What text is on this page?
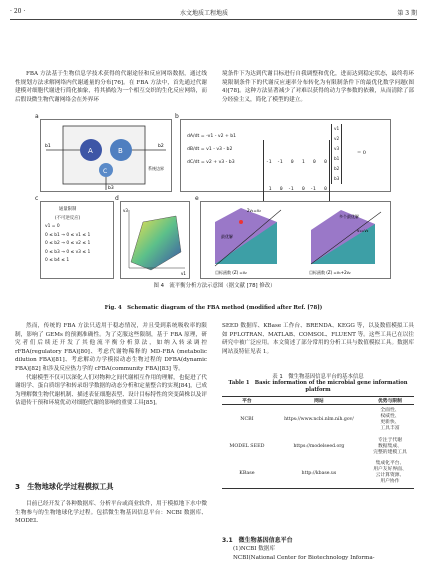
· 20 ·	水文地质工程地质	第 3 期

FBA 方法基于生物信息学技术获得的代谢途径和反应网络数据，通过线性规划方法求解网络内代谢通量的分布[76]。在 FBA 方法中，首先通过代谢建模对细胞代谢进行简化抽象，将其描绘为一个相互交织的生化反应网络，而后假设微生物代谢网络会在外界环

境条件下为达到代谢目标进行自我调整和优化，进而达到稳定状态，最终将环境限制条件下的代谢反应速率分布转化为有限制条件下的最优化数学问题(图 4)[78]。这种方法显著减少了对难以获得的动力学参数的依赖，从而清除了部分经验主义，简化了模型的建立。

a
A	B
C
b1	b2
b3
系统边界
b
dA/dt = -v1 - v2 + b1
dB/dt = v1 - v3 - b2
dC/dt = v2 + v3 - b3

	-1  -1   0   1   0   0

1   0  -1   0  -1   0

v1
v2
v3
b1
b2
b3
= 0
c
通量限制
(不可逆反应)
v1 = 0
0 ≤ b1 → 0 ≤ v1 ≤ 1
0 ≤ b2 → 0 ≤ v2 ≤ 1
0 ≤ b3 → 0 ≤ v3 ≤ 1
0 ≤ b4 ≤ 1
d
v1
v3
e
2v₁=v₂
最优解
目标函数 (Z) =v₂
多个最优解
v₁=v₂
目标函数 (Z) =v₁+2v₂
图 4　流平衡分析方法示意图（据文献 [78] 修改）
Fig. 4　Schematic diagram of the FBA method (modified after Ref. [78])

然而，传统的 FBA 方法只适用于稳态情况，并且受到系统吸收率的限制，影响了 GEMs 的预测准确性。为了克服这些限制，基于 FBA 原理，研究者们后续还开发了其他流平衡分析算法，如纳入转录调控 rFBA(regulatory FBA)[80]、考虑代谢物稀释的 MD-FBA (metabolic dilution FBA)[81]、考虑解动力学模拟动态生物过程的 DFBA(dynamic FBA)[82] 和涉及反应热力学的 cFBA(community FBA)[83] 等。

代谢模型不仅可以深化人们对物种之间代谢相互作用的理解，也促进了代谢组学、蛋白质组学和转录组学数据的动态分析和定量整合的实现[84]，已成为理解微生物代谢机制、描述表征细胞表型、设计目标特性的突变菌株以及评估遗传干预和环境优动对细胞代谢的影响的重要工具[85]。

3　生物地球化学过程模拟工具

目前已经开发了各种数据库、分析平台或商业软件，用于模拟地下水中微生物参与的生物地球化学过程。包括微生物基因信息平台：NCBI 数据库、MODEL

SEED 数据库、KBase 工作台、BRENDA、KEGG 等，以及数值模拟工具如 PFLOTRAN、MATLAB、COMSOL、FLUENT 等。这些工具已在以往研究中被广泛应用。本文简述了部分常用的分析工具与数值模拟工具。数据库网站及特征见表 1。

表 1　微生物基因信息平台的基本信息
Table 1　Basic information of the microbial gene information platform
平台	网站	优势与限制
NCBI	https://www.ncbi.nlm.nih.gov/	全面性、
权威性、
更新快、
工具丰富

MODEL SEED	https://modelseed.org	专注于代谢
数据集成、
完整的建模工具

KBase	http://kbase.us	集成化平台、
用户友好界面、
云计算资源、
用户协作
3.1　微生物基因信息平台
(1)NCBI 数据库
NCBI(National Center for Biotechnology Informa-
